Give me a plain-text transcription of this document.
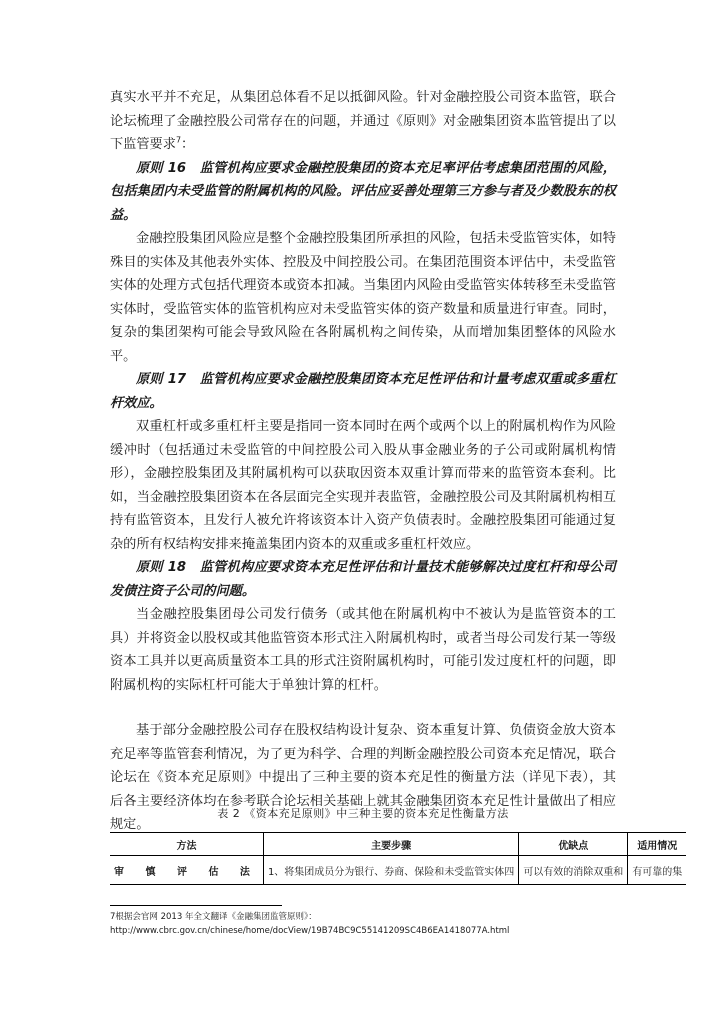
真实水平并不充足，从集团总体看不足以抵御风险。针对金融控股公司资本监管，联合论坛梳理了金融控股公司常存在的问题，并通过《原则》对金融集团资本监管提出了以下监管要求$^7$：

原则 16　监管机构应要求金融控股集团的资本充足率评估考虑集团范围的风险，包括集团内未受监管的附属机构的风险。评估应妥善处理第三方参与者及少数股东的权益。

金融控股集团风险应是整个金融控股集团所承担的风险，包括未受监管实体，如特殊目的实体及其他表外实体、控股及中间控股公司。在集团范围资本评估中，未受监管实体的处理方式包括代理资本或资本扣减。当集团内风险由受监管实体转移至未受监管实体时，受监管实体的监管机构应对未受监管实体的资产数量和质量进行审查。同时，复杂的集团架构可能会导致风险在各附属机构之间传染，从而增加集团整体的风险水平。

原则 17　监管机构应要求金融控股集团资本充足性评估和计量考虑双重或多重杠杆效应。

双重杠杆或多重杠杆主要是指同一资本同时在两个或两个以上的附属机构作为风险缓冲时（包括通过未受监管的中间控股公司入股从事金融业务的子公司或附属机构情形），金融控股集团及其附属机构可以获取因资本双重计算而带来的监管资本套利。比如，当金融控股集团资本在各层面完全实现并表监管，金融控股公司及其附属机构相互持有监管资本，且发行人被允许将该资本计入资产负债表时。金融控股集团可能通过复杂的所有权结构安排来掩盖集团内资本的双重或多重杠杆效应。

原则 18　监管机构应要求资本充足性评估和计量技术能够解决过度杠杆和母公司发债注资子公司的问题。

当金融控股集团母公司发行债务（或其他在附属机构中不被认为是监管资本的工具）并将资金以股权或其他监管资本形式注入附属机构时，或者当母公司发行某一等级资本工具并以更高质量资本工具的形式注资附属机构时，可能引发过度杠杆的问题，即附属机构的实际杠杆可能大于单独计算的杠杆。

基于部分金融控股公司存在股权结构设计复杂、资本重复计算、负债资金放大资本充足率等监管套利情况，为了更为科学、合理的判断金融控股公司资本充足情况，联合论坛在《资本充足原则》中提出了三种主要的资本充足性的衡量方法（详见下表），其后各主要经济体均在参考联合论坛相关基础上就其金融集团资本充足性计量做出了相应规定。

表 2 《资本充足原则》中三种主要的资本充足性衡量方法
方法	主要步骤	优缺点	适用情况
审 慎 评 估 法	1、将集团成员分为银行、券商、保险和未受监管实体四	可以有效的消除双重和	有可靠的集
7根据会官网 2013 年全文翻译《金融集团监管原则》：
http://www.cbrc.gov.cn/chinese/home/docView/19B74BC9C55141209SC4B6EA1418077A.html
